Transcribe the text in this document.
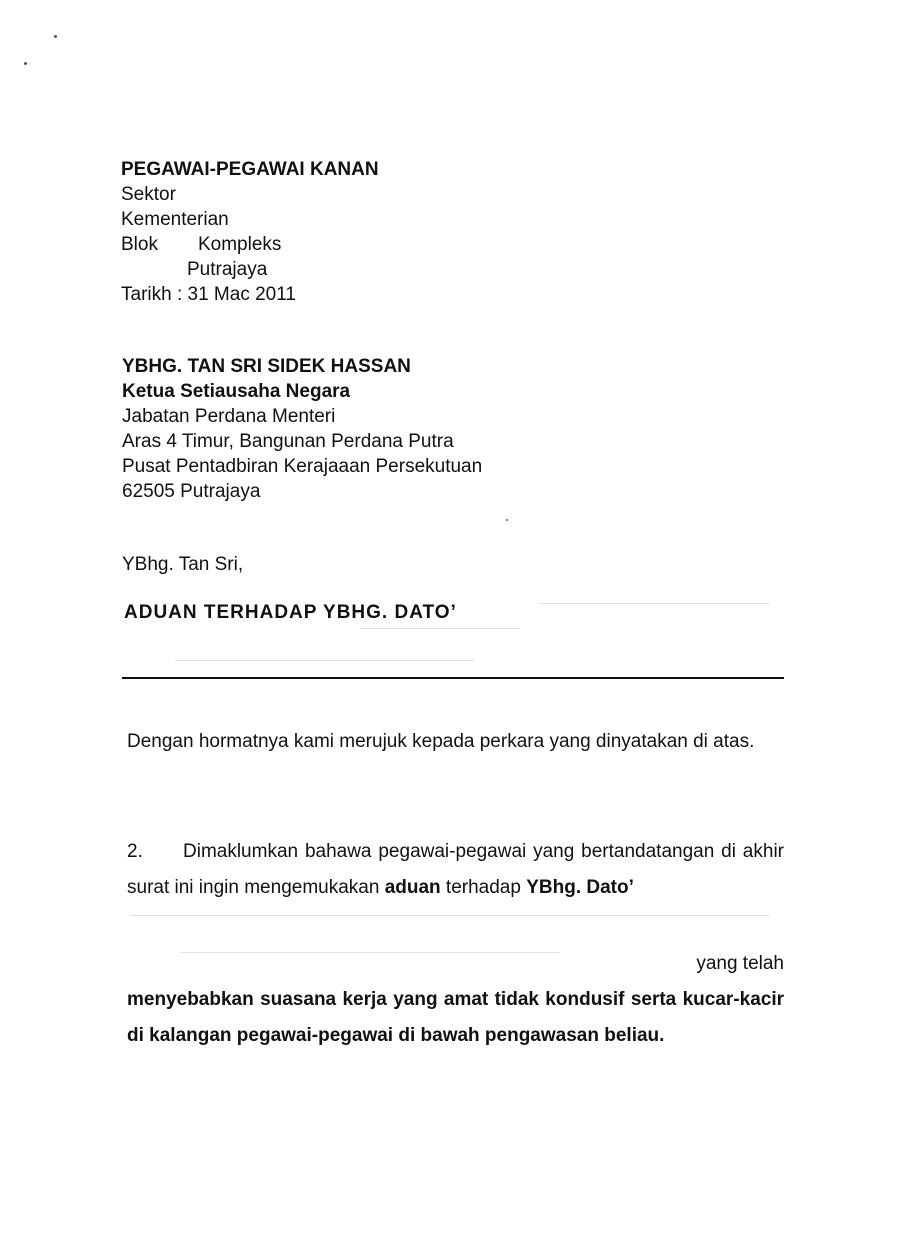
PEGAWAI-PEGAWAI KANAN
Sektor
Kementerian
Blok Kompleks
Putrajaya
Tarikh : 31 Mac 2011
YBHG. TAN SRI SIDEK HASSAN
Ketua Setiausaha Negara
Jabatan Perdana Menteri
Aras 4 Timur, Bangunan Perdana Putra
Pusat Pentadbiran Kerajaaan Persekutuan
62505 Putrajaya
YBhg. Tan Sri,
ADUAN TERHADAP YBHG. DATO’
Dengan hormatnya kami merujuk kepada perkara yang dinyatakan di atas.
2. Dimaklumkan bahawa pegawai-pegawai yang bertandatangan di akhir surat ini ingin mengemukakan aduan terhadap YBhg. Dato’
yang telah
menyebabkan suasana kerja yang amat tidak kondusif serta kucar-kacir di kalangan pegawai-pegawai di bawah pengawasan beliau.
